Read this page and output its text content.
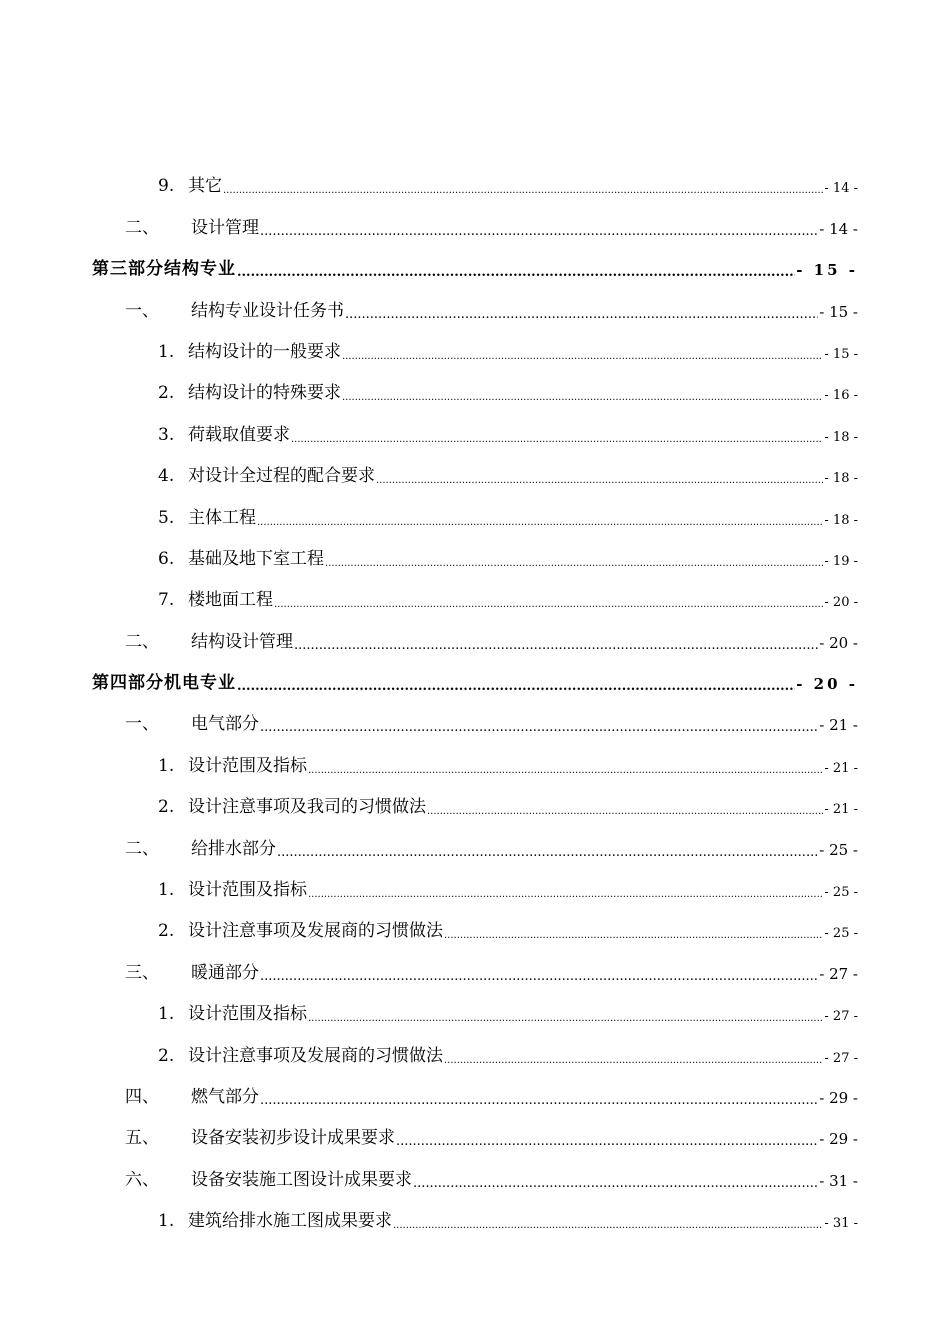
9. 其它 .....	- 14 -
二、	设计管理 .....	- 14 -
第三部分结构专业 .....	- 15 -
一、	结构专业设计任务书 .....	- 15 -
1. 结构设计的一般要求 .....	- 15 -
2. 结构设计的特殊要求 .....	- 16 -
3. 荷载取值要求 .....	- 18 -
4. 对设计全过程的配合要求 .....	- 18 -
5. 主体工程 .....	- 18 -
6. 基础及地下室工程 .....	- 19 -
7. 楼地面工程 .....	- 20 -
二、	结构设计管理 .....	- 20 -
第四部分机电专业 .....	- 20 -
一、	电气部分 .....	- 21 -
1. 设计范围及指标 .....	- 21 -
2. 设计注意事项及我司的习惯做法 .....	- 21 -
二、	给排水部分 .....	- 25 -
1. 设计范围及指标 .....	- 25 -
2. 设计注意事项及发展商的习惯做法 .....	- 25 -
三、	暖通部分 .....	- 27 -
1. 设计范围及指标 .....	- 27 -
2. 设计注意事项及发展商的习惯做法 .....	- 27 -
四、	燃气部分 .....	- 29 -
五、	设备安装初步设计成果要求 .....	- 29 -
六、	设备安装施工图设计成果要求 .....	- 31 -
1. 建筑给排水施工图成果要求 .....	- 31 -
